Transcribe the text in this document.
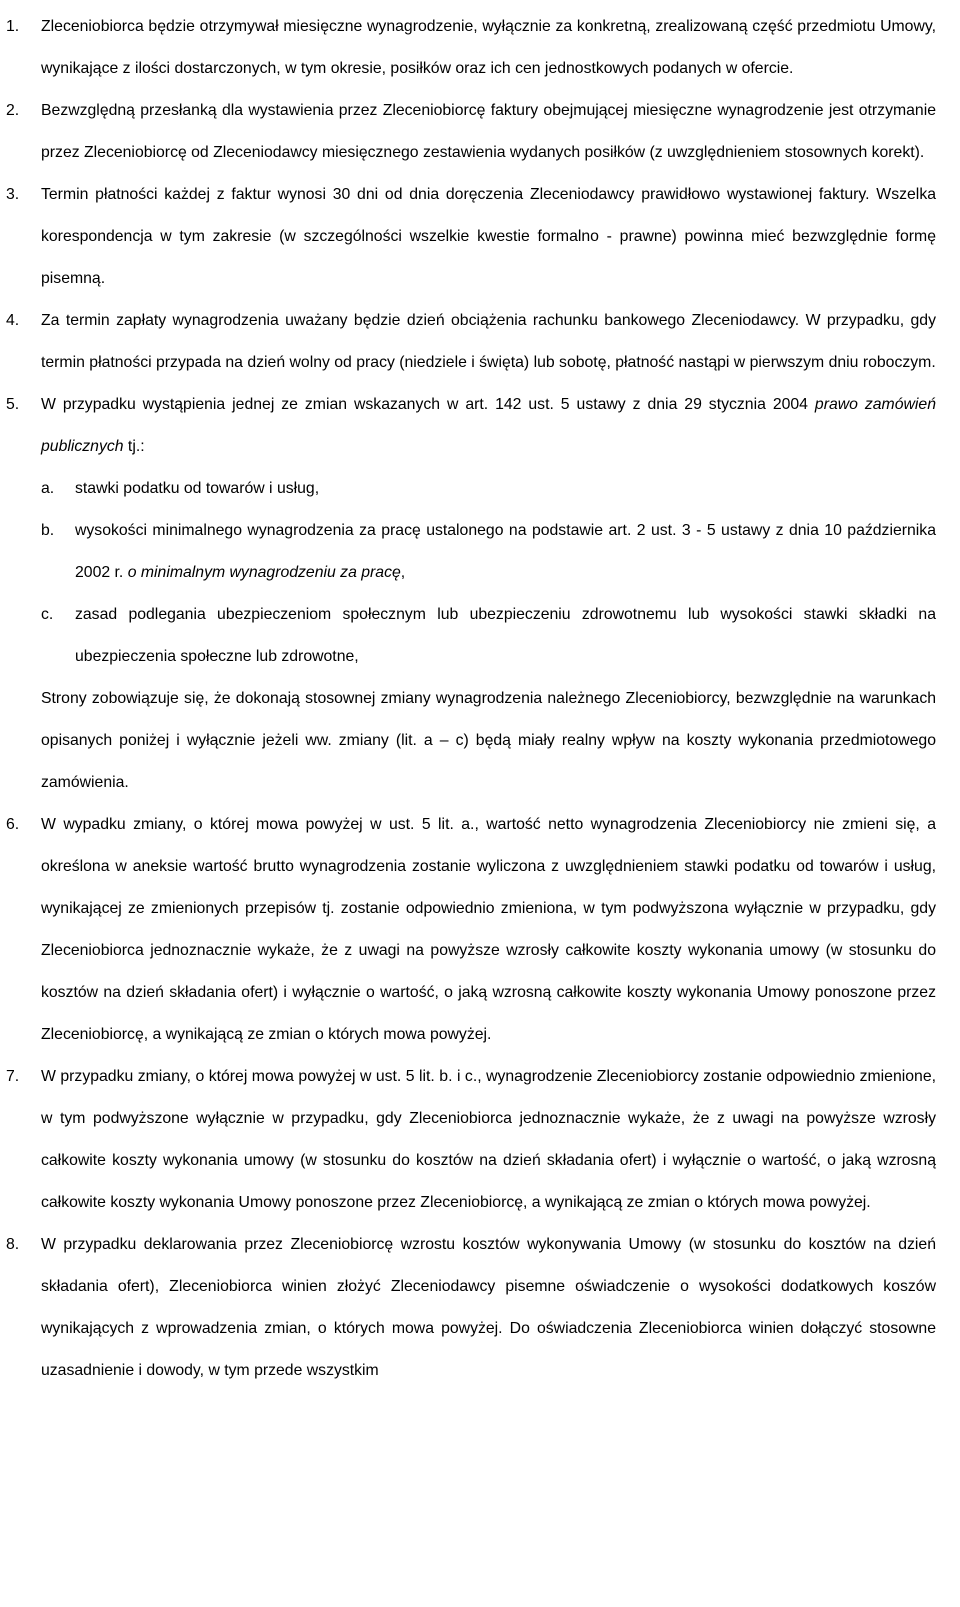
1. Zleceniobiorca będzie otrzymywał miesięczne wynagrodzenie, wyłącznie za konkretną, zrealizowaną część przedmiotu Umowy, wynikające z ilości dostarczonych, w tym okresie, posiłków oraz ich cen jednostkowych podanych w ofercie.
2. Bezwzględną przesłanką dla wystawienia przez Zleceniobiorcę faktury obejmującej miesięczne wynagrodzenie jest otrzymanie przez Zleceniobiorcę od Zleceniodawcy miesięcznego zestawienia wydanych posiłków (z uwzględnieniem stosownych korekt).
3. Termin płatności każdej z faktur wynosi 30 dni od dnia doręczenia Zleceniodawcy prawidłowo wystawionej faktury. Wszelka korespondencja w tym zakresie (w szczególności wszelkie kwestie formalno - prawne) powinna mieć bezwzględnie formę pisemną.
4. Za termin zapłaty wynagrodzenia uważany będzie dzień obciążenia rachunku bankowego Zleceniodawcy. W przypadku, gdy termin płatności przypada na dzień wolny od pracy (niedziele i święta) lub sobotę, płatność nastąpi w pierwszym dniu roboczym.
5. W przypadku wystąpienia jednej ze zmian wskazanych w art. 142 ust. 5 ustawy z dnia 29 stycznia 2004 prawo zamówień publicznych tj.:
a. stawki podatku od towarów i usług,
b. wysokości minimalnego wynagrodzenia za pracę ustalonego na podstawie art. 2 ust. 3 - 5 ustawy z dnia 10 października 2002 r. o minimalnym wynagrodzeniu za pracę,
c. zasad podlegania ubezpieczeniom społecznym lub ubezpieczeniu zdrowotnemu lub wysokości stawki składki na ubezpieczenia społeczne lub zdrowotne,
Strony zobowiązuje się, że dokonają stosownej zmiany wynagrodzenia należnego Zleceniobiorcy, bezwzględnie na warunkach opisanych poniżej i wyłącznie jeżeli ww. zmiany (lit. a – c) będą miały realny wpływ na koszty wykonania przedmiotowego zamówienia.
6. W wypadku zmiany, o której mowa powyżej w ust. 5 lit. a., wartość netto wynagrodzenia Zleceniobiorcy nie zmieni się, a określona w aneksie wartość brutto wynagrodzenia zostanie wyliczona z uwzględnieniem stawki podatku od towarów i usług, wynikającej ze zmienionych przepisów tj. zostanie odpowiednio zmieniona, w tym podwyższona wyłącznie w przypadku, gdy Zleceniobiorca jednoznacznie wykaże, że z uwagi na powyższe wzrosły całkowite koszty wykonania umowy (w stosunku do kosztów na dzień składania ofert) i wyłącznie o wartość, o jaką wzrosną całkowite koszty wykonania Umowy ponoszone przez Zleceniobiorcę, a wynikającą ze zmian o których mowa powyżej.
7. W przypadku zmiany, o której mowa powyżej w ust. 5 lit. b. i c., wynagrodzenie Zleceniobiorcy zostanie odpowiednio zmienione, w tym podwyższone wyłącznie w przypadku, gdy Zleceniobiorca jednoznacznie wykaże, że z uwagi na powyższe wzrosły całkowite koszty wykonania umowy (w stosunku do kosztów na dzień składania ofert) i wyłącznie o wartość, o jaką wzrosną całkowite koszty wykonania Umowy ponoszone przez Zleceniobiorcę, a wynikającą ze zmian o których mowa powyżej.
8. W przypadku deklarowania przez Zleceniobiorcę wzrostu kosztów wykonywania Umowy (w stosunku do kosztów na dzień składania ofert), Zleceniobiorca winien złożyć Zleceniodawcy pisemne oświadczenie o wysokości dodatkowych koszów wynikających z wprowadzenia zmian, o których mowa powyżej. Do oświadczenia Zleceniobiorca winien dołączyć stosowne uzasadnienie i dowody, w tym przede wszystkim
